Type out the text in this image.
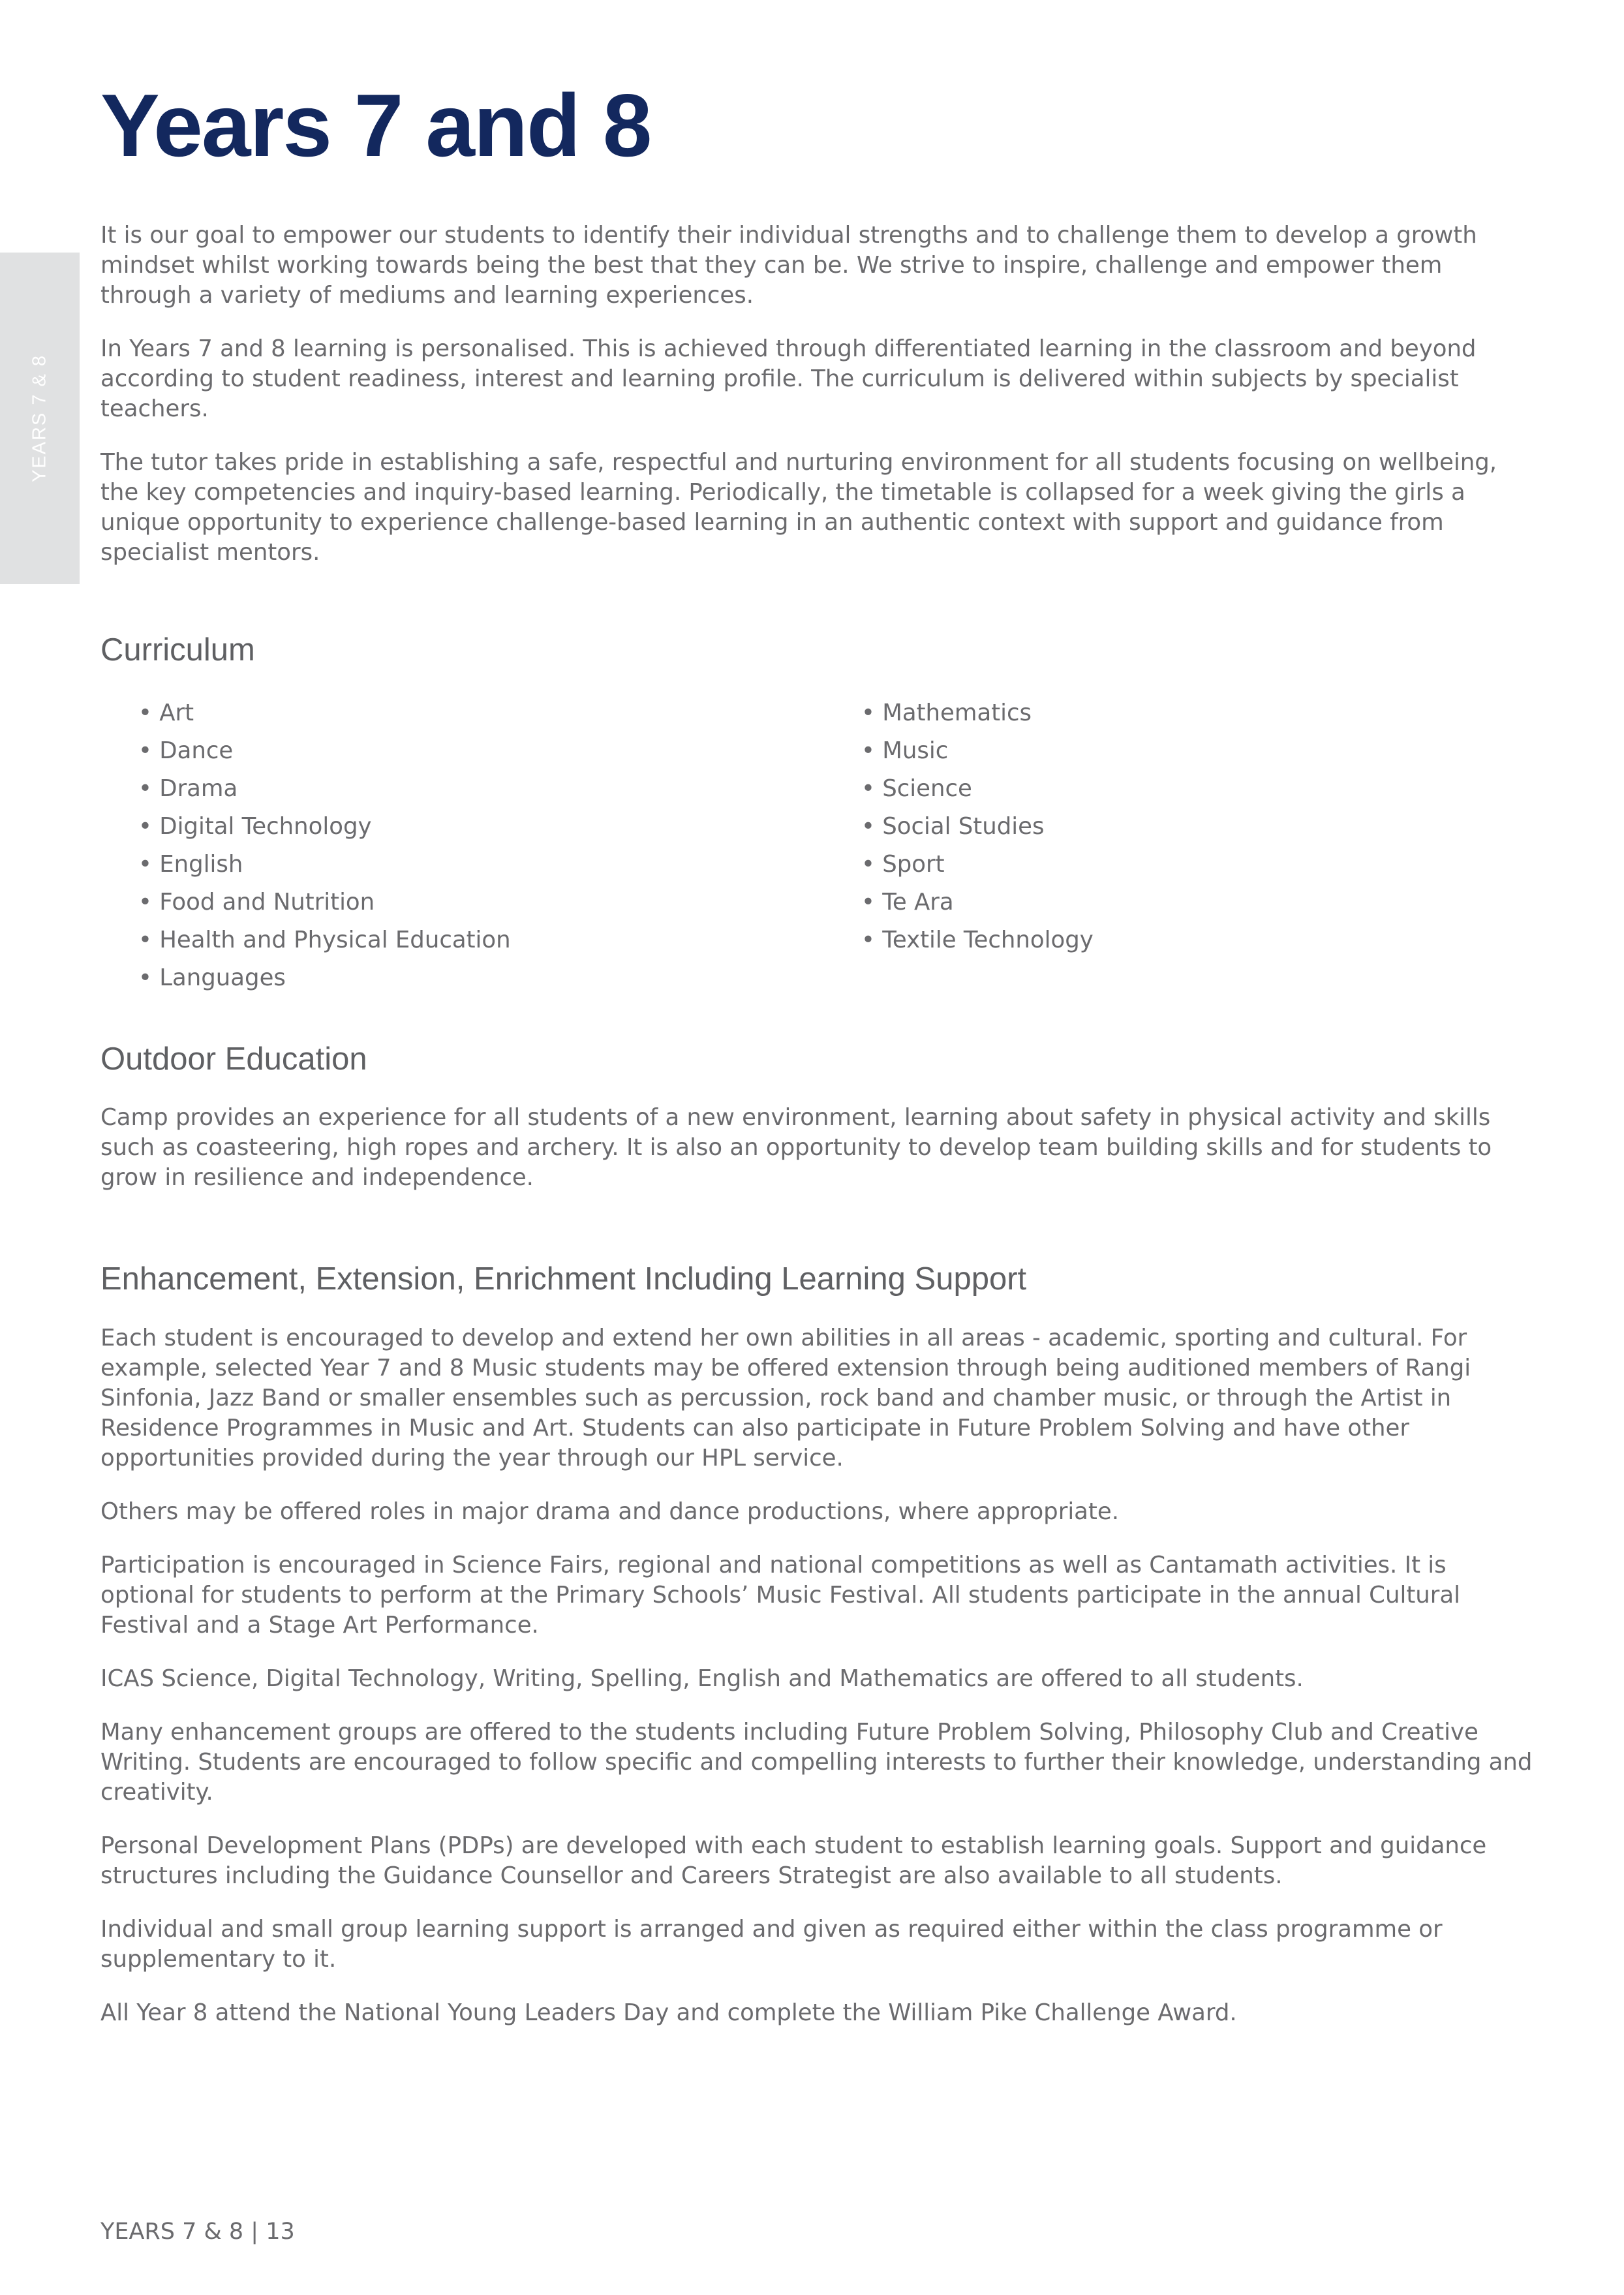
YEARS 7 & 8
Years 7 and 8

It is our goal to empower our students to identify their individual strengths and to challenge them to develop a growth mindset whilst working towards being the best that they can be. We strive to inspire, challenge and empower them through a variety of mediums and learning experiences.

In Years 7 and 8 learning is personalised. This is achieved through differentiated learning in the classroom and beyond according to student readiness, interest and learning profile. The curriculum is delivered within subjects by specialist teachers.

The tutor takes pride in establishing a safe, respectful and nurturing environment for all students focusing on wellbeing, the key competencies and inquiry-based learning. Periodically, the timetable is collapsed for a week giving the girls a unique opportunity to experience challenge-based learning in an authentic context with support and guidance from specialist mentors.

Curriculum
• Art
• Dance
• Drama
• Digital Technology
• English
• Food and Nutrition
• Health and Physical Education
• Languages
• Mathematics
• Music
• Science
• Social Studies
• Sport
• Te Ara
• Textile Technology
Outdoor Education

Camp provides an experience for all students of a new environment, learning about safety in physical activity and skills such as coasteering, high ropes and archery. It is also an opportunity to develop team building skills and for students to grow in resilience and independence.

Enhancement, Extension, Enrichment Including Learning Support

Each student is encouraged to develop and extend her own abilities in all areas - academic, sporting and cultural. For example, selected Year 7 and 8 Music students may be offered extension through being auditioned members of Rangi Sinfonia, Jazz Band or smaller ensembles such as percussion, rock band and chamber music, or through the Artist in Residence Programmes in Music and Art. Students can also participate in Future Problem Solving and have other opportunities provided during the year through our HPL service.

Others may be offered roles in major drama and dance productions, where appropriate.

Participation is encouraged in Science Fairs, regional and national competitions as well as Cantamath activities. It is optional for students to perform at the Primary Schools’ Music Festival. All students participate in the annual Cultural Festival and a Stage Art Performance.

ICAS Science, Digital Technology, Writing, Spelling, English and Mathematics are offered to all students.

Many enhancement groups are offered to the students including Future Problem Solving, Philosophy Club and Creative Writing. Students are encouraged to follow specific and compelling interests to further their knowledge, understanding and creativity.

Personal Development Plans (PDPs) are developed with each student to establish learning goals. Support and guidance structures including the Guidance Counsellor and Careers Strategist are also available to all students.

Individual and small group learning support is arranged and given as required either within the class programme or supplementary to it.

All Year 8 attend the National Young Leaders Day and complete the William Pike Challenge Award.

YEARS 7 & 8 | 13
